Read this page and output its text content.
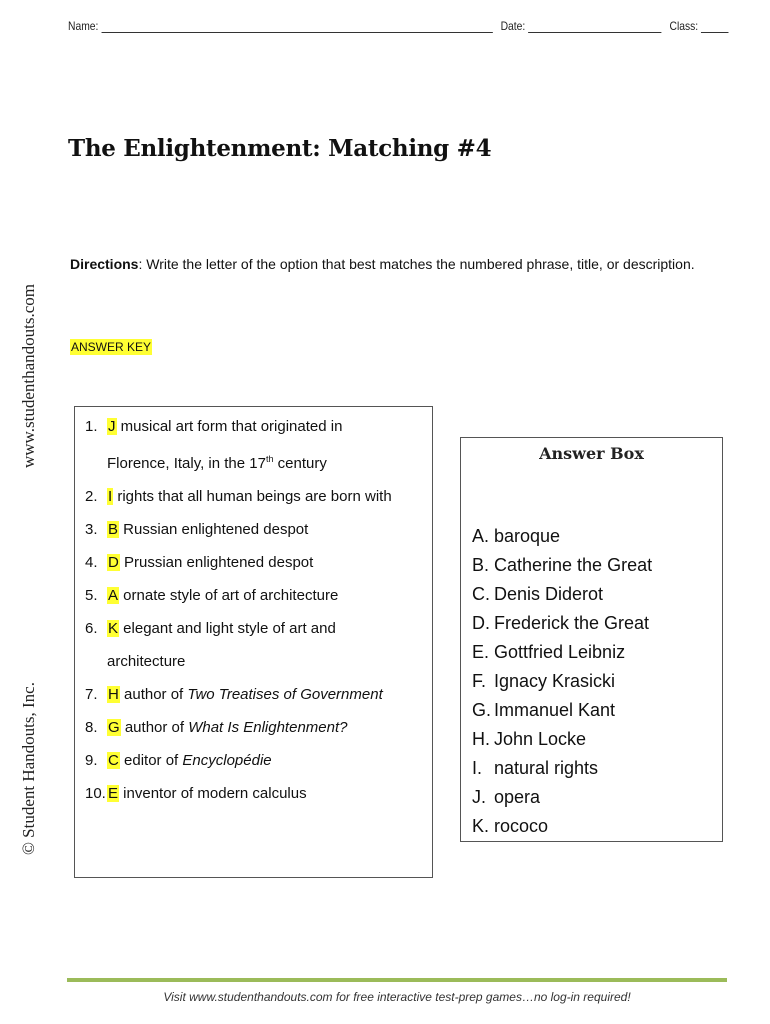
Name:	Date:	Class:
The Enlightenment: Matching #4
www.studenthandouts.com
© Student Handouts, Inc.
Directions: Write the letter of the option that best matches the numbered phrase, title, or description.
ANSWER KEY
1. J musical art form that originated in
Florence, Italy, in the 17th century
2. I rights that all human beings are born with
3. B Russian enlightened despot
4. D Prussian enlightened despot
5. A ornate style of art of architecture
6. K elegant and light style of art and
architecture
7. H author of Two Treatises of Government
8. G author of What Is Enlightenment?
9. C editor of Encyclopédie
10. E inventor of modern calculus
Answer Box
A. baroque
B. Catherine the Great
C. Denis Diderot
D. Frederick the Great
E. Gottfried Leibniz
F. Ignacy Krasicki
G. Immanuel Kant
H. John Locke
I. natural rights
J. opera
K. rococo
Visit www.studenthandouts.com for free interactive test-prep games…no log-in required!
